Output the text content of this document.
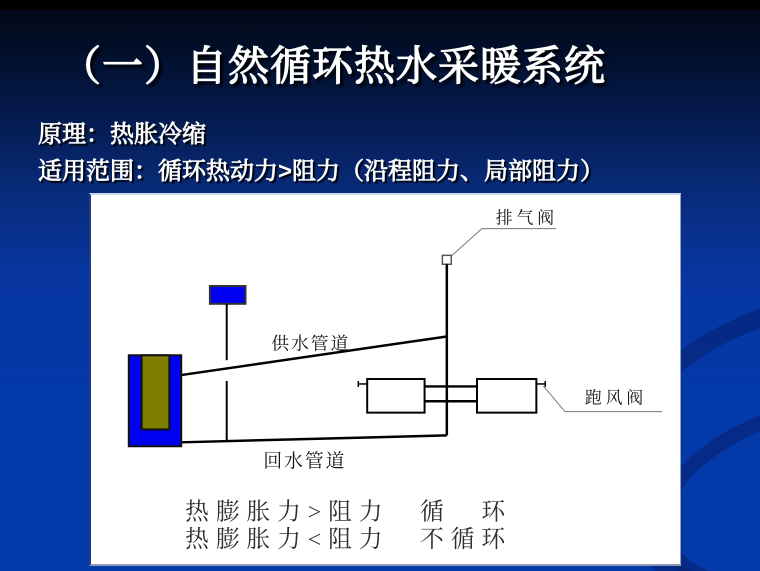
（一）自然循环热水采暖系统
原理：热胀冷缩
适用范围：循环热动力>阻力（沿程阻力、局部阻力）
排气阀
跑风阀
供水管道
回水管道
热膨胀力>阻力　循　环
热膨胀力<阻力　不循环
